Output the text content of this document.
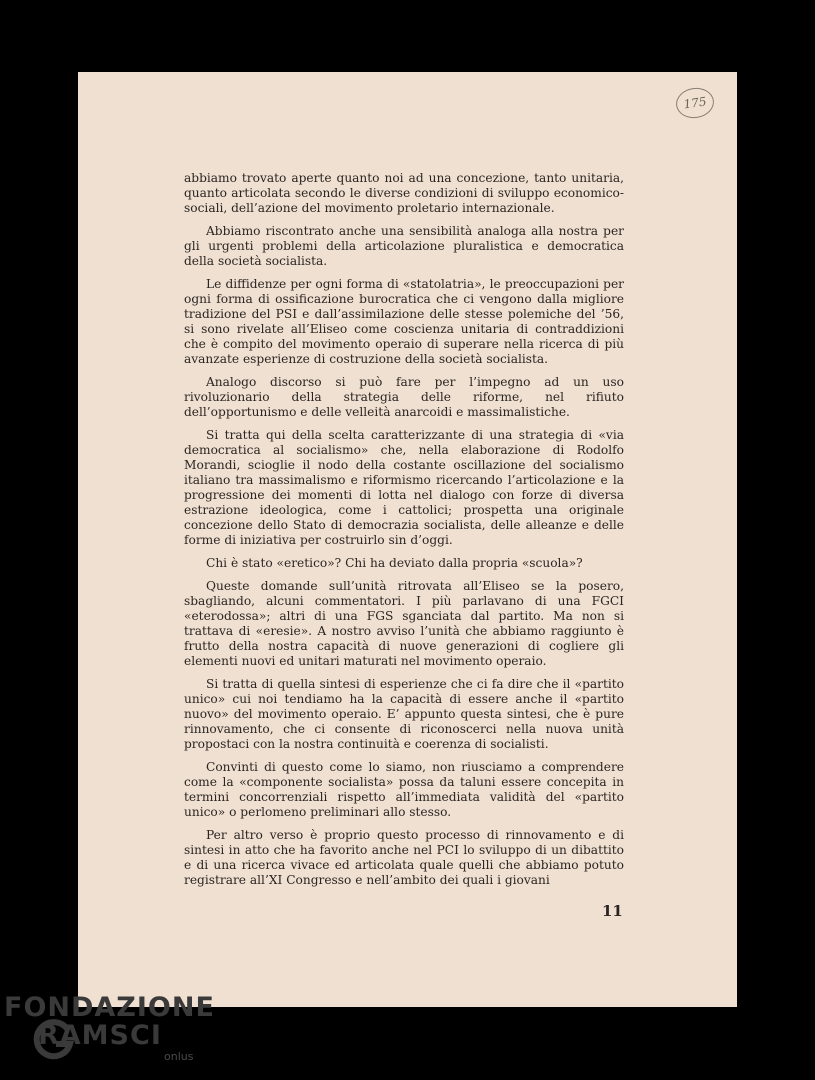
175

abbiamo trovato aperte quanto noi ad una concezione, tanto unitaria, quanto articolata secondo le diverse condizioni di sviluppo economico-sociali, dell’azione del movimento proletario internazionale.

Abbiamo riscontrato anche una sensibilità analoga alla nostra per gli urgenti problemi della articolazione pluralistica e democratica della società socialista.

Le diffidenze per ogni forma di «statolatria», le preoccupazioni per ogni forma di ossificazione burocratica che ci vengono dalla migliore tradizione del PSI e dall’assimilazione delle stesse polemiche del ’56, si sono rivelate all’Eliseo come coscienza unitaria di contraddizioni che è compito del movimento operaio di superare nella ricerca di più avanzate esperienze di costruzione della società socialista.

Analogo discorso si può fare per l’impegno ad un uso rivoluzionario della strategia delle riforme, nel rifiuto dell’opportunismo e delle velleità anarcoidi e massimalistiche.

Si tratta qui della scelta caratterizzante di una strategia di «via democratica al socialismo» che, nella elaborazione di Rodolfo Morandi, scioglie il nodo della costante oscillazione del socialismo italiano tra massimalismo e riformismo ricercando l’articolazione e la progressione dei momenti di lotta nel dialogo con forze di diversa estrazione ideologica, come i cattolici; prospetta una originale concezione dello Stato di democrazia socialista, delle alleanze e delle forme di iniziativa per costruirlo sin d’oggi.

Chi è stato «eretico»? Chi ha deviato dalla propria «scuola»?

Queste domande sull’unità ritrovata all’Eliseo se la posero, sbagliando, alcuni commentatori. I più parlavano di una FGCI «eterodossa»; altri di una FGS sganciata dal partito. Ma non si trattava di «eresie». A nostro avviso l’unità che abbiamo raggiunto è frutto della nostra capacità di nuove generazioni di cogliere gli elementi nuovi ed unitari maturati nel movimento operaio.

Si tratta di quella sintesi di esperienze che ci fa dire che il «partito unico» cui noi tendiamo ha la capacità di essere anche il «partito nuovo» del movimento operaio. E’ appunto questa sintesi, che è pure rinnovamento, che ci consente di riconoscerci nella nuova unità propostaci con la nostra continuità e coerenza di socialisti.

Convinti di questo come lo siamo, non riusciamo a comprendere come la «componente socialista» possa da taluni essere concepita in termini concorrenziali rispetto all’immediata validità del «partito unico» o perlomeno preliminari allo stesso.

Per altro verso è proprio questo processo di rinnovamento e di sintesi in atto che ha favorito anche nel PCI lo sviluppo di un dibattito e di una ricerca vivace ed articolata quale quelli che abbiamo potuto registrare all’XI Congresso e nell’ambito dei quali i giovani

11
FONDAZIONE
RAMSCI
onlus
